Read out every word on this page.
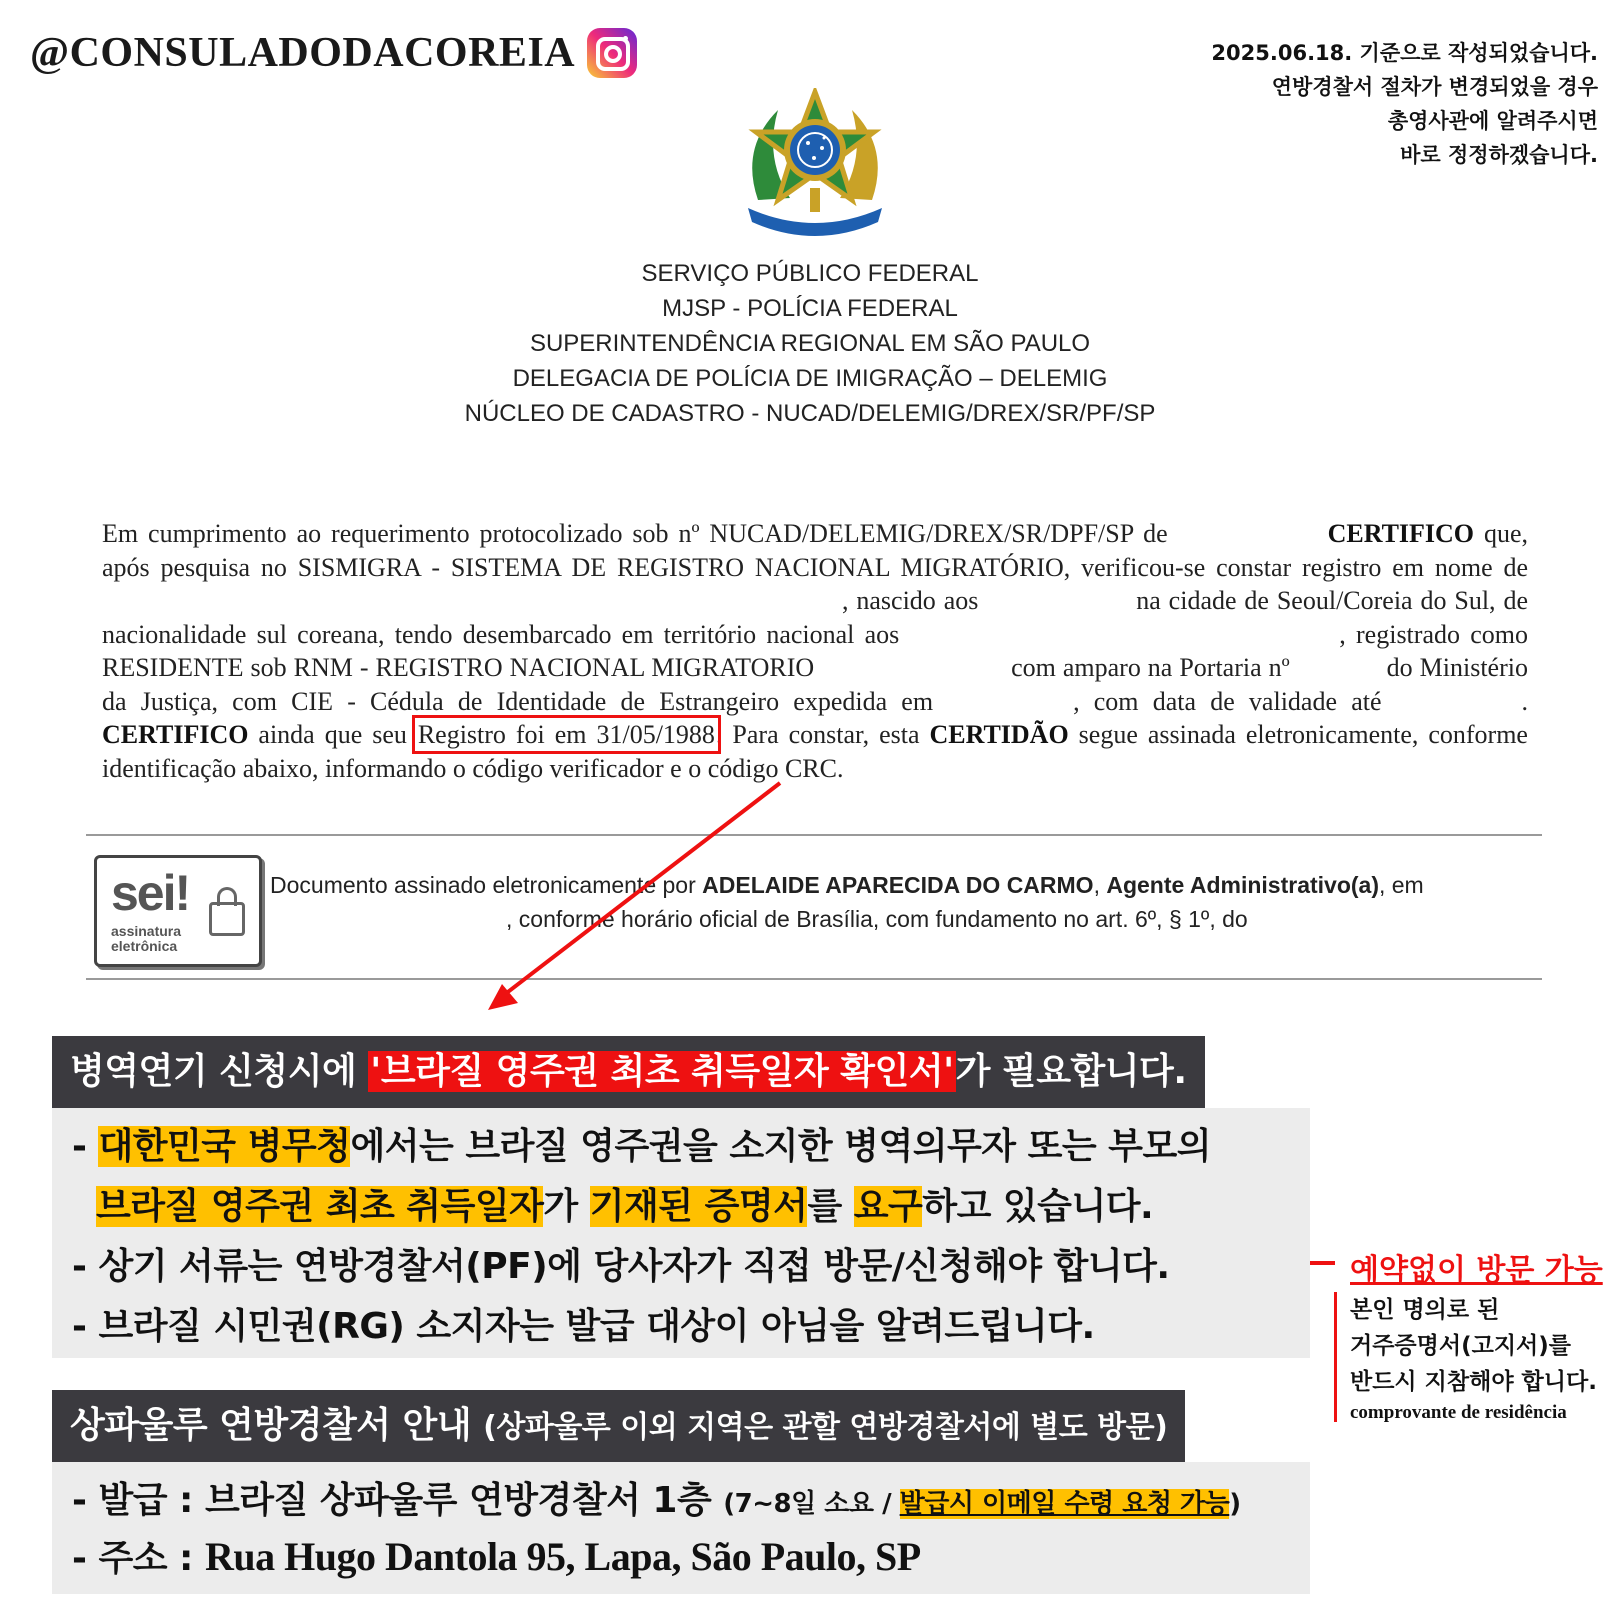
@CONSULADODACOREIA	2025.06.18. 기준으로 작성되었습니다.
연방경찰서 절차가 변경되었을 경우
총영사관에 알려주시면
바로 정정하겠습니다.
SERVIÇO PÚBLICO FEDERAL
MJSP - POLÍCIA FEDERAL
SUPERINTENDÊNCIA REGIONAL EM SÃO PAULO
DELEGACIA DE POLÍCIA DE IMIGRAÇÃO – DELEMIG
NÚCLEO DE CADASTRO - NUCAD/DELEMIG/DREX/SR/PF/SP
Em cumprimento ao requerimento protocolizado sob nº NUCAD/DELEMIG/DREX/SR/DPF/SP de	CERTIFICO que, após pesquisa no SISMIGRA - SISTEMA DE REGISTRO NACIONAL MIGRATÓRIO, verificou-se constar registro em nome de, nascido aos	na cidade de Seoul/Coreia do Sul, de nacionalidade sul coreana, tendo desembarcado em território nacional aos	, registrado como RESIDENTE sob RNM - REGISTRO NACIONAL MIGRATORIO	com amparo na Portaria nº	do Ministério da Justiça, com CIE - Cédula de Identidade de Estrangeiro expedida em	, com data de validade até	. CERTIFICO ainda que seu Registro foi em 31/05/1988. Para constar, esta CERTIDÃO segue assinada eletronicamente, conforme identificação abaixo, informando o código verificador e o código CRC.
sei!
assinatura
eletrônica
Documento assinado eletronicamente por ADELAIDE APARECIDA DO CARMO, Agente Administrativo(a), em
, conforme horário oficial de Brasília, com fundamento no art. 6º, § 1º, do
병역연기 신청시에 '브라질 영주권 최초 취득일자 확인서'가 필요합니다.
- 대한민국 병무청에서는 브라질 영주권을 소지한 병역의무자 또는 부모의
브라질 영주권 최초 취득일자가 기재된 증명서를 요구하고 있습니다.
- 상기 서류는 연방경찰서(PF)에 당사자가 직접 방문/신청해야 합니다.
- 브라질 시민권(RG) 소지자는 발급 대상이 아님을 알려드립니다.
예약없이 방문 가능
본인 명의로 된
거주증명서(고지서)를
반드시 지참해야 합니다.
comprovante de residência
상파울루 연방경찰서 안내 (상파울루 이외 지역은 관할 연방경찰서에 별도 방문)
- 발급 : 브라질 상파울루 연방경찰서 1층 (7~8일 소요 / 발급시 이메일 수령 요청 가능)
- 주소 : Rua Hugo Dantola 95, Lapa, São Paulo, SP
